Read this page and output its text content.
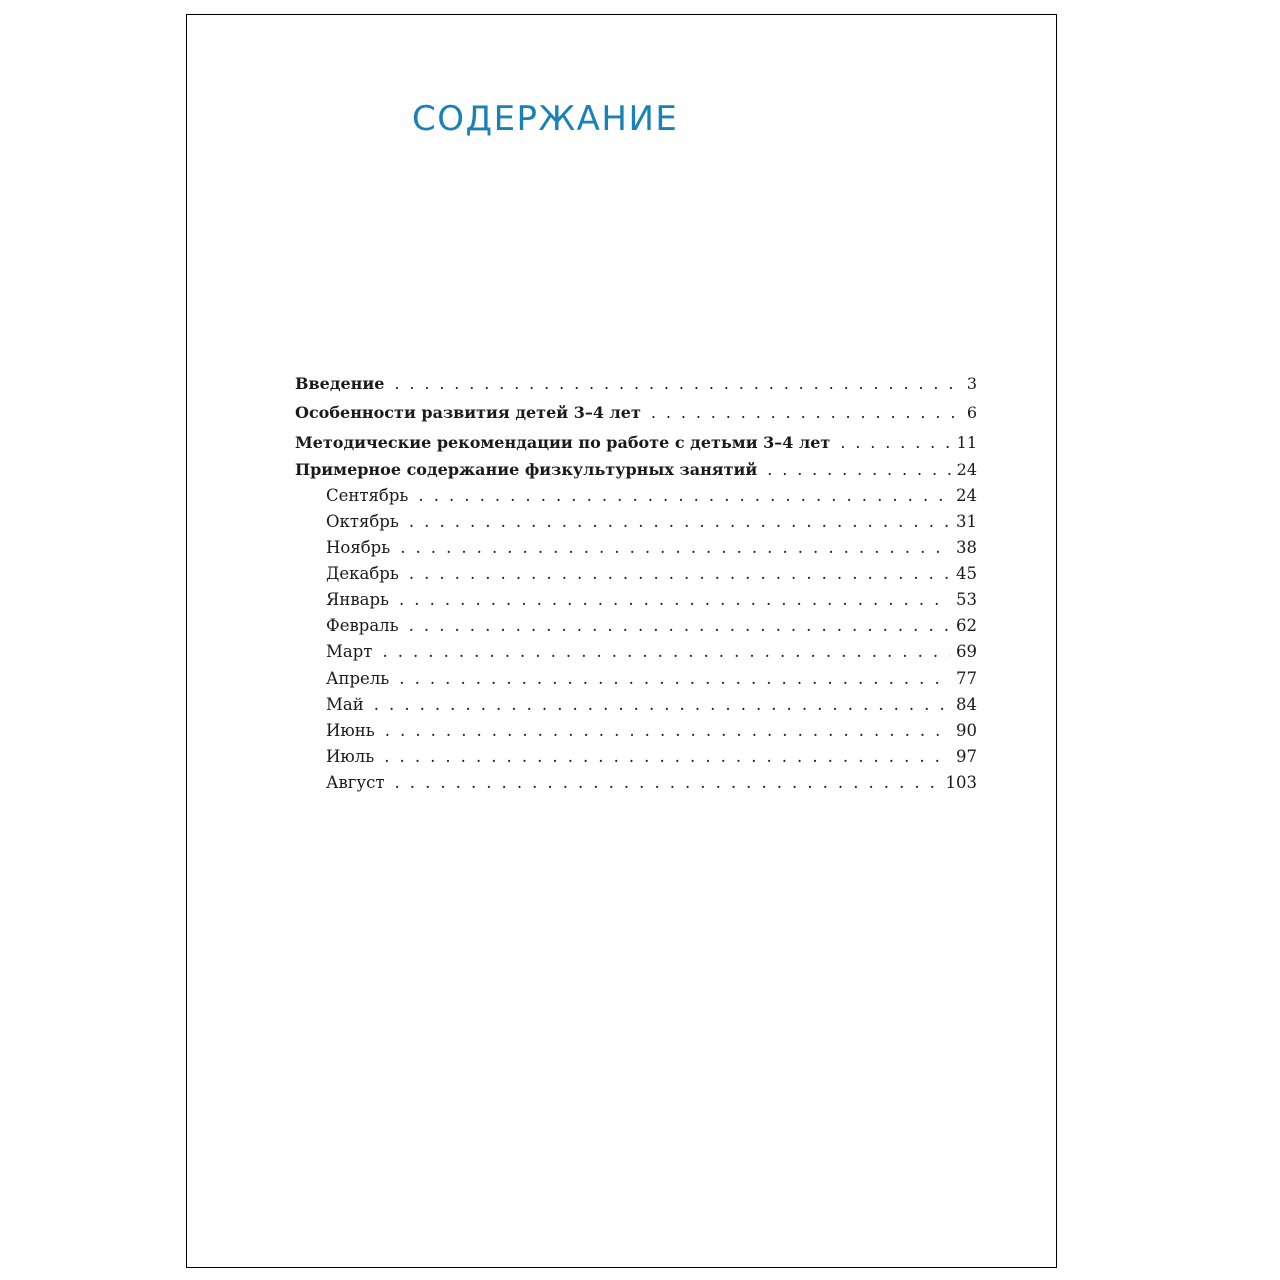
СОДЕРЖАНИЕ
Введение . . .	3
Особенности развития детей 3–4 лет . . .	6
Методические рекомендации по работе с детьми 3–4 лет . . .	11
Примерное содержание физкультурных занятий . . .	24
Сентябрь . . .	24
Октябрь . . .	31
Ноябрь . . .	38
Декабрь . . .	45
Январь . . .	53
Февраль . . .	62
Март . . .	69
Апрель . . .	77
Май . . .	84
Июнь . . .	90
Июль . . .	97
Август . . .	103
